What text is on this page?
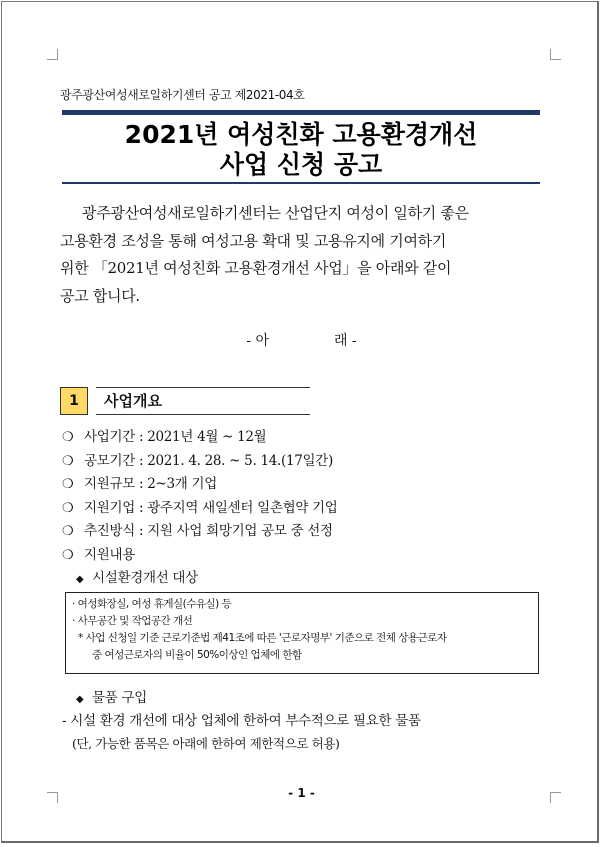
광주광산여성새로일하기센터 공고 제2021-04호
2021년 여성친화 고용환경개선
사업 신청 공고
광주광산여성새로일하기센터는 산업단지 여성이 일하기 좋은
고용환경 조성을 통해 여성고용 확대 및 고용유지에 기여하기
위한 「2021년 여성친화 고용환경개선 사업」을 아래와 같이
공고 합니다.
- 아	래 -
1	사업개요
❍ 사업기간 : 2021년 4월 ~ 12월
❍ 공모기간 : 2021. 4. 28. ~ 5. 14.(17일간)
❍ 지원규모 : 2~3개 기업
❍ 지원기업 : 광주지역 새일센터 일촌협약 기업
❍ 추진방식 : 지원 사업 희망기업 공모 중 선정
❍ 지원내용
◆ 시설환경개선 대상
· 여성화장실, 여성 휴게실(수유실) 등
· 사무공간 및 작업공간 개선
* 사업 신청일 기준 근로기준법 제41조에 따른 '근로자명부' 기준으로 전체 상용근로자
중 여성근로자의 비율이 50%이상인 업체에 한함
◆ 물품 구입
- 시설 환경 개선에 대상 업체에 한하여 부수적으로 필요한 물품
(단, 가능한 품목은 아래에 한하여 제한적으로 허용)
- 1 -
